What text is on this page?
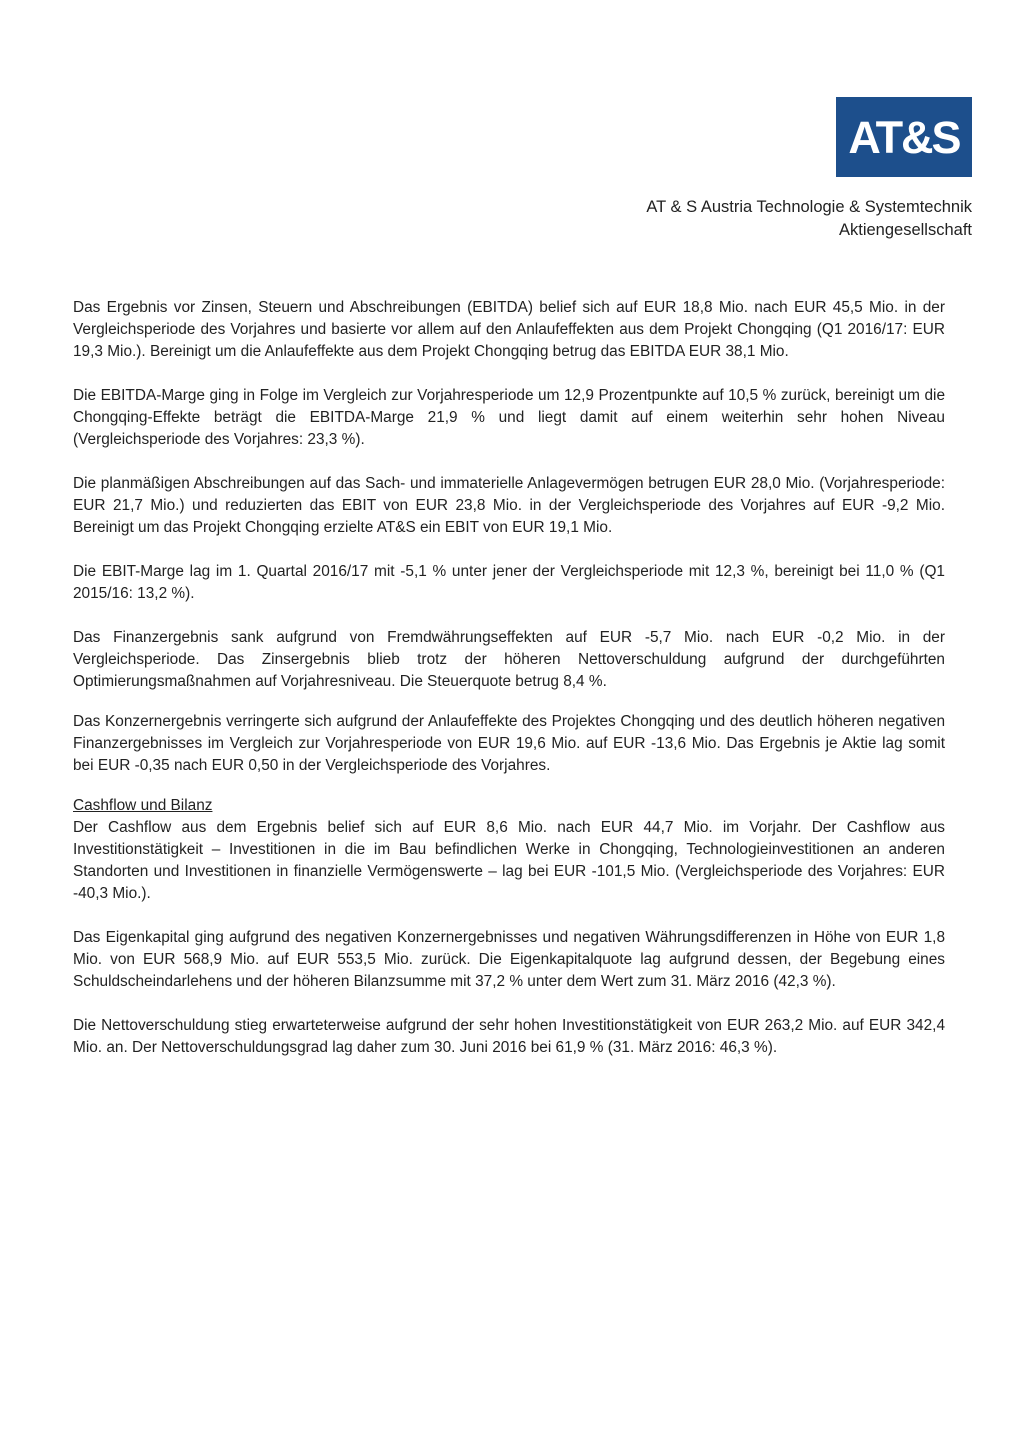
AT&S
AT & S Austria Technologie & Systemtechnik
Aktiengesellschaft

Das Ergebnis vor Zinsen, Steuern und Abschreibungen (EBITDA) belief sich auf EUR 18,8 Mio. nach EUR 45,5 Mio. in der Vergleichsperiode des Vorjahres und basierte vor allem auf den Anlaufeffekten aus dem Projekt Chongqing (Q1 2016/17: EUR 19,3 Mio.). Bereinigt um die Anlaufeffekte aus dem Projekt Chongqing betrug das EBITDA EUR 38,1 Mio.

Die EBITDA-Marge ging in Folge im Vergleich zur Vorjahresperiode um 12,9 Prozentpunkte auf 10,5 % zurück, bereinigt um die Chongqing-Effekte beträgt die EBITDA-Marge 21,9 % und liegt damit auf einem weiterhin sehr hohen Niveau (Vergleichsperiode des Vorjahres: 23,3 %).

Die planmäßigen Abschreibungen auf das Sach- und immaterielle Anlagevermögen betrugen EUR 28,0 Mio. (Vorjahresperiode: EUR 21,7 Mio.) und reduzierten das EBIT von EUR 23,8 Mio. in der Vergleichsperiode des Vorjahres auf EUR -9,2 Mio. Bereinigt um das Projekt Chongqing erzielte AT&S ein EBIT von EUR 19,1 Mio.

Die EBIT-Marge lag im 1. Quartal 2016/17 mit -5,1 % unter jener der Vergleichsperiode mit 12,3 %, bereinigt bei 11,0 % (Q1 2015/16: 13,2 %).

Das Finanzergebnis sank aufgrund von Fremdwährungseffekten auf EUR -5,7 Mio. nach EUR -0,2 Mio. in der Vergleichsperiode. Das Zinsergebnis blieb trotz der höheren Nettoverschuldung aufgrund der durchgeführten Optimierungsmaßnahmen auf Vorjahresniveau. Die Steuerquote betrug 8,4 %.

Das Konzernergebnis verringerte sich aufgrund der Anlaufeffekte des Projektes Chongqing und des deutlich höheren negativen Finanzergebnisses im Vergleich zur Vorjahresperiode von EUR 19,6 Mio. auf EUR -13,6 Mio. Das Ergebnis je Aktie lag somit bei EUR -0,35 nach EUR 0,50 in der Vergleichsperiode des Vorjahres.

Cashflow und Bilanz

Der Cashflow aus dem Ergebnis belief sich auf EUR 8,6 Mio. nach EUR 44,7 Mio. im Vorjahr. Der Cashflow aus Investitionstätigkeit – Investitionen in die im Bau befindlichen Werke in Chongqing, Technologieinvestitionen an anderen Standorten und Investitionen in finanzielle Vermögenswerte – lag bei EUR -101,5 Mio. (Vergleichsperiode des Vorjahres: EUR -40,3 Mio.).

Das Eigenkapital ging aufgrund des negativen Konzernergebnisses und negativen Währungsdifferenzen in Höhe von EUR 1,8 Mio. von EUR 568,9 Mio. auf EUR 553,5 Mio. zurück. Die Eigenkapitalquote lag aufgrund dessen, der Begebung eines Schuldscheindarlehens und der höheren Bilanzsumme mit 37,2 % unter dem Wert zum 31. März 2016 (42,3 %).

Die Nettoverschuldung stieg erwarteterweise aufgrund der sehr hohen Investitionstätigkeit von EUR 263,2 Mio. auf EUR 342,4 Mio. an. Der Nettoverschuldungsgrad lag daher zum 30. Juni 2016 bei 61,9 % (31. März 2016: 46,3 %).
